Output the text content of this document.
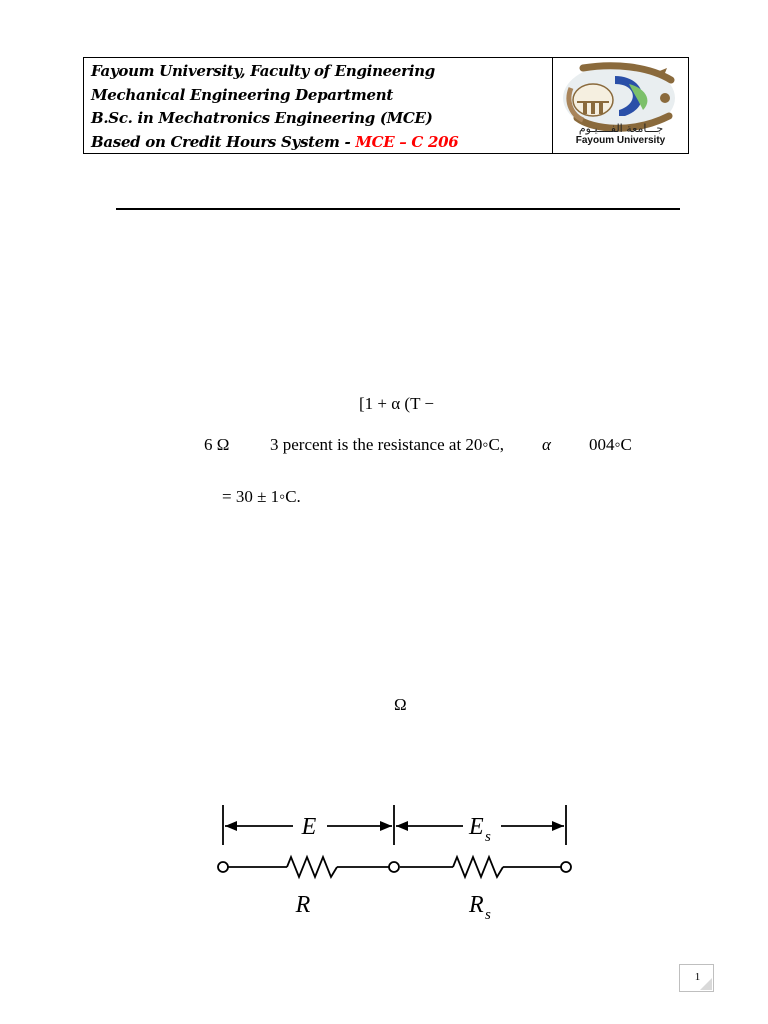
Fayoum University, Faculty of Engineering
Mechanical Engineering Department
B.Sc. in Mechatronics Engineering (MCE)
Based on Credit Hours System - MCE – C 206
جـــامعة الفــــيـوم
Fayoum University
[1 + α (T −
6 Ω 3 percent is the resistance at 20◦C, α 004◦C
= 30 ± 1◦C.
Ω
E	E s
R	R s
1
